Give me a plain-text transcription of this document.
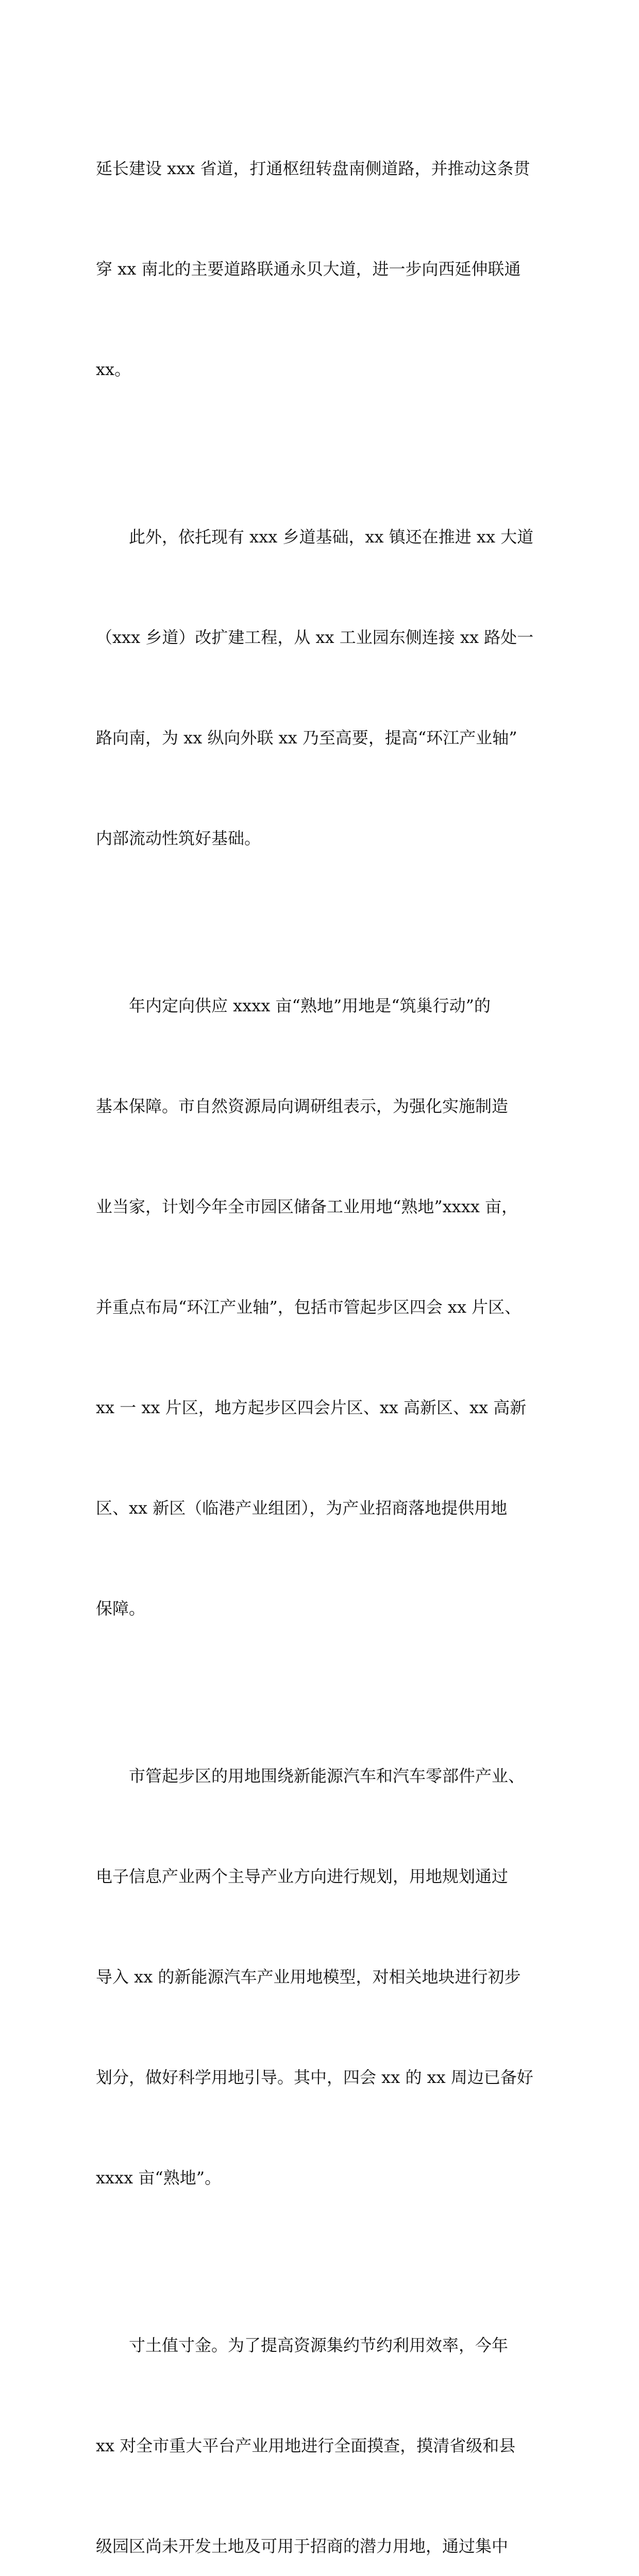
延长建设 xxx 省道，打通枢纽转盘南侧道路，并推动这条贯

穿 xx 南北的主要道路联通永贝大道，进一步向西延伸联通

xx。

此外，依托现有 xxx 乡道基础，xx 镇还在推进 xx 大道

（xxx 乡道）改扩建工程，从 xx 工业园东侧连接 xx 路处一

路向南，为 xx 纵向外联 xx 乃至高要，提高“环江产业轴”

内部流动性筑好基础。

年内定向供应 xxxx 亩“熟地”用地是“筑巢行动”的

基本保障。市自然资源局向调研组表示，为强化实施制造

业当家，计划今年全市园区储备工业用地“熟地”xxxx 亩，

并重点布局“环江产业轴”，包括市管起步区四会 xx 片区、

xx 一 xx 片区，地方起步区四会片区、xx 高新区、xx 高新

区、xx 新区（临港产业组团），为产业招商落地提供用地

保障。

市管起步区的用地围绕新能源汽车和汽车零部件产业、

电子信息产业两个主导产业方向进行规划，用地规划通过

导入 xx 的新能源汽车产业用地模型，对相关地块进行初步

划分，做好科学用地引导。其中，四会 xx 的 xx 周边已备好

xxxx 亩“熟地”。

寸土值寸金。为了提高资源集约节约利用效率，今年

xx 对全市重大平台产业用地进行全面摸查，摸清省级和县

级园区尚未开发土地及可用于招商的潜力用地，通过集中
